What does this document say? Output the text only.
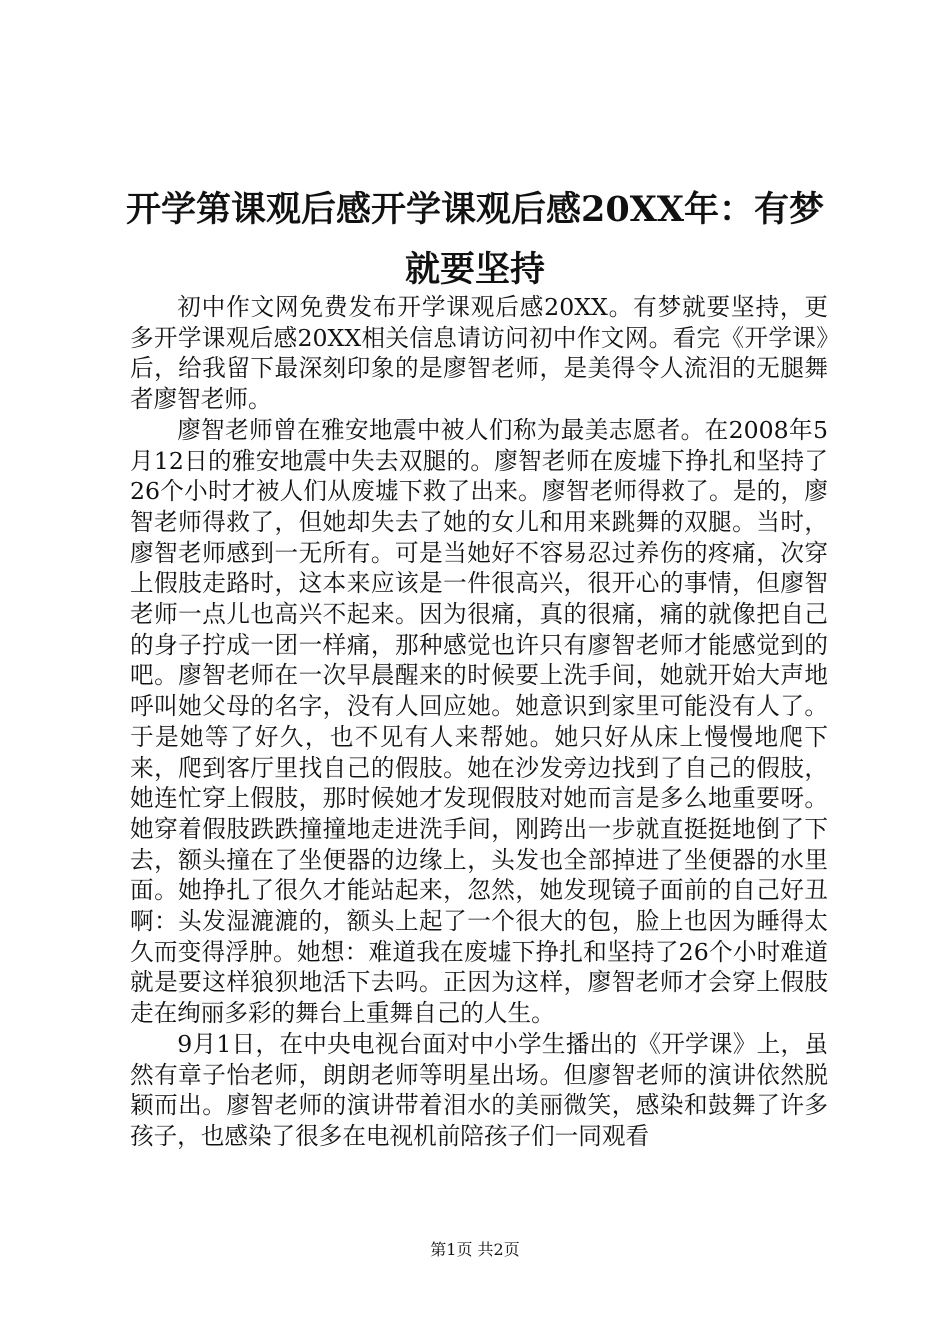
开学第课观后感开学课观后感20XX年：有梦就要坚持

初中作文网免费发布开学课观后感20XX。有梦就要坚持，更多开学课观后感20XX相关信息请访问初中作文网。看完《开学课》后，给我留下最深刻印象的是廖智老师，是美得令人流泪的无腿舞者廖智老师。

廖智老师曾在雅安地震中被人们称为最美志愿者。在2008年5月12日的雅安地震中失去双腿的。廖智老师在废墟下挣扎和坚持了26个小时才被人们从废墟下救了出来。廖智老师得救了。是的，廖智老师得救了，但她却失去了她的女儿和用来跳舞的双腿。当时，廖智老师感到一无所有。可是当她好不容易忍过养伤的疼痛，次穿上假肢走路时，这本来应该是一件很高兴，很开心的事情，但廖智老师一点儿也高兴不起来。因为很痛，真的很痛，痛的就像把自己的身子拧成一团一样痛，那种感觉也许只有廖智老师才能感觉到的吧。廖智老师在一次早晨醒来的时候要上洗手间，她就开始大声地呼叫她父母的名字，没有人回应她。她意识到家里可能没有人了。于是她等了好久，也不见有人来帮她。她只好从床上慢慢地爬下来，爬到客厅里找自己的假肢。她在沙发旁边找到了自己的假肢，她连忙穿上假肢，那时候她才发现假肢对她而言是多么地重要呀。她穿着假肢跌跌撞撞地走进洗手间，刚跨出一步就直挺挺地倒了下去，额头撞在了坐便器的边缘上，头发也全部掉进了坐便器的水里面。她挣扎了很久才能站起来，忽然，她发现镜子面前的自己好丑啊：头发湿漉漉的，额头上起了一个很大的包，脸上也因为睡得太久而变得浮肿。她想：难道我在废墟下挣扎和坚持了26个小时难道就是要这样狼狈地活下去吗。正因为这样，廖智老师才会穿上假肢走在绚丽多彩的舞台上重舞自己的人生。

9月1日，在中央电视台面对中小学生播出的《开学课》上，虽然有章子怡老师，朗朗老师等明星出场。但廖智老师的演讲依然脱颖而出。廖智老师的演讲带着泪水的美丽微笑，感染和鼓舞了许多孩子，也感染了很多在电视机前陪孩子们一同观看

第1页 共2页
